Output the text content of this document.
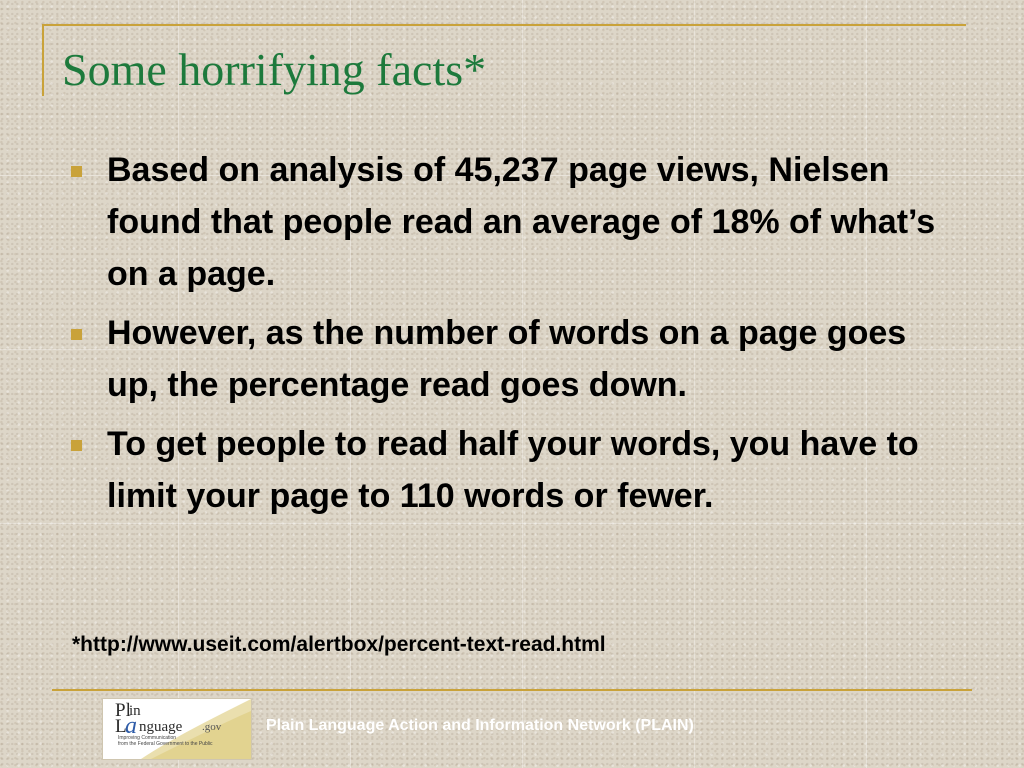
Some horrifying facts*
Based on analysis of 45,237 page views, Nielsen found that people read an average of 18% of what’s on a page.
However, as the number of words on a page goes up, the percentage read goes down.
To get people to read half your words, you have to limit your page to 110 words or fewer.

*http://www.useit.com/alertbox/percent-text-read.html

Pl
in
L
a nguage .gov
Improving Communication
from the Federal Government to the Public

Plain Language Action and Information Network (PLAIN)
